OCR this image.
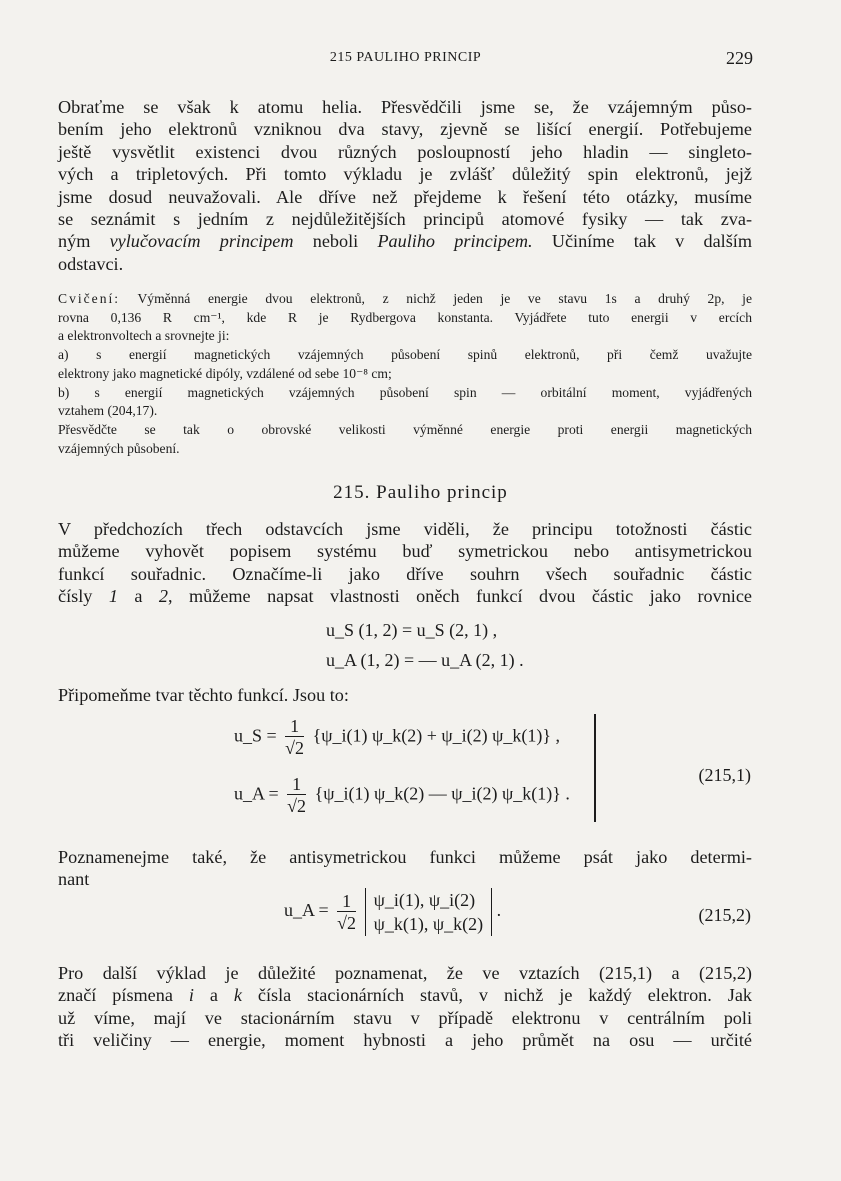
215 PAULIHO PRINCIP	229
Obraťme se však k atomu helia. Přesvědčili jsme se, že vzájemným půso-
bením jeho elektronů vzniknou dva stavy, zjevně se lišící energií. Potřebujeme
ještě vysvětlit existenci dvou různých posloupností jeho hladin — singleto-
vých a tripletových. Při tomto výkladu je zvlášť důležitý spin elektronů, jejž
jsme dosud neuvažovali. Ale dříve než přejdeme k řešení této otázky, musíme
se seznámit s jedním z nejdůležitějších principů atomové fysiky — tak zva-
ným vylučovacím principem neboli Pauliho principem. Učiníme tak v dalším
odstavci.
Cvičení: Výměnná energie dvou elektronů, z nichž jeden je ve stavu 1s a druhý 2p, je
rovna 0,136 R cm⁻¹, kde R je Rydbergova konstanta. Vyjádřete tuto energii v ercích
a elektronvoltech a srovnejte ji:
a) s energií magnetických vzájemných působení spinů elektronů, při čemž uvažujte
elektrony jako magnetické dipóly, vzdálené od sebe 10⁻⁸ cm;
b) s energií magnetických vzájemných působení spin — orbitální moment, vyjádřených
vztahem (204,17).
Přesvědčte se tak o obrovské velikosti výměnné energie proti energii magnetických
vzájemných působení.
215. Pauliho princip
V předchozích třech odstavcích jsme viděli, že principu totožnosti částic
můžeme vyhovět popisem systému buď symetrickou nebo antisymetrickou
funkcí souřadnic. Označíme-li jako dříve souhrn všech souřadnic částic
čísly 1 a 2, můžeme napsat vlastnosti oněch funkcí dvou částic jako rovnice
u_S (1, 2) = u_S (2, 1) ,
u_A (1, 2) = — u_A (2, 1) .
Připomeňme tvar těchto funkcí. Jsou to:
u_S = $\frac{1}{√2}$ {ψ_i(1) ψ_k(2) + ψ_i(2) ψ_k(1)} ,
u_A = $\frac{1}{√2}$ {ψ_i(1) ψ_k(2) — ψ_i(2) ψ_k(1)} .
(215,1)
Poznamenejme také, že antisymetrickou funkci můžeme psát jako determi-
nant
u_A = $\frac{1}{√2}$
ψ_i(1), ψ_i(2)
ψ_k(1), ψ_k(2)
.	(215,2)
Pro další výklad je důležité poznamenat, že ve vztazích (215,1) a (215,2)
značí písmena i a k čísla stacionárních stavů, v nichž je každý elektron. Jak
už víme, mají ve stacionárním stavu v případě elektronu v centrálním poli
tři veličiny — energie, moment hybnosti a jeho průmět na osu — určité
